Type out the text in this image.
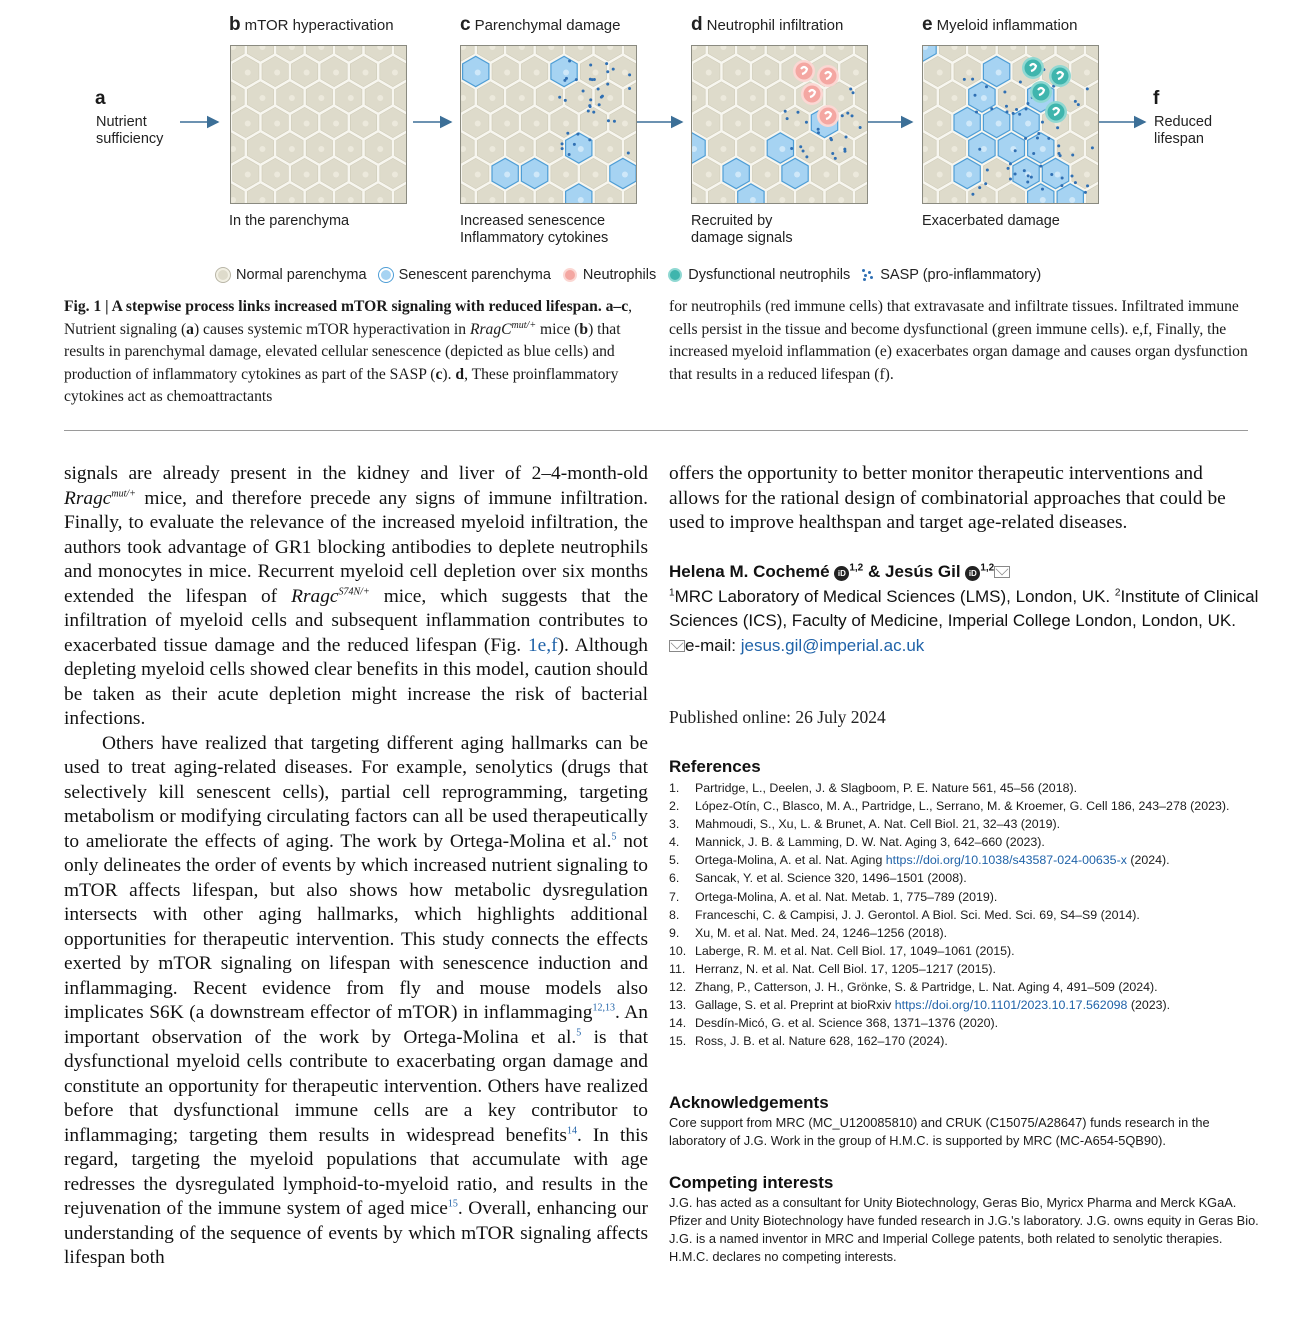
a
Nutrient
sufficiency
b mTOR hyperactivation	c Parenchymal damage	d Neutrophil infiltration	e Myeloid inflammation
f
Reduced
lifespan
In the parenchyma	Increased senescence
Inflammatory cytokines
Recruited by
damage signals
Exacerbated damage
Normal parenchyma Senescent parenchyma Neutrophils Dysfunctional neutrophils SASP (pro-inflammatory)
Fig. 1 | A stepwise process links increased mTOR signaling with reduced lifespan. a–c, Nutrient signaling (a) causes systemic mTOR hyperactivation in RragC$^{mut/+}$ mice (b) that results in parenchymal damage, elevated cellular senescence (depicted as blue cells) and production of inflammatory cytokines as part of the SASP (c). d, These proinflammatory cytokines act as chemoattractants
for neutrophils (red immune cells) that extravasate and infiltrate tissues. Infiltrated immune cells persist in the tissue and become dysfunctional (green immune cells). e,f, Finally, the increased myeloid inflammation (e) exacerbates organ damage and causes organ dysfunction that results in a reduced lifespan (f).

signals are already present in the kidney and liver of 2–4-month-old Rragc$^{mut/+}$ mice, and therefore precede any signs of immune infiltration. Finally, to evaluate the relevance of the increased myeloid infiltration, the authors took advantage of GR1 blocking antibodies to deplete neutrophils and monocytes in mice. Recurrent myeloid cell depletion over six months extended the lifespan of Rragc$^{S74N/+}$ mice, which suggests that the infiltration of myeloid cells and subsequent inflammation contributes to exacerbated tissue damage and the reduced lifespan (Fig. 1e,f). Although depleting myeloid cells showed clear benefits in this model, caution should be taken as their acute depletion might increase the risk of bacterial infections.

Others have realized that targeting different aging hallmarks can be used to treat aging-related diseases. For example, senolytics (drugs that selectively kill senescent cells), partial cell reprogramming, targeting metabolism or modifying circulating factors can all be used therapeutically to ameliorate the effects of aging. The work by Ortega-Molina et al.$^5$ not only delineates the order of events by which increased nutrient signaling to mTOR affects lifespan, but also shows how metabolic dysregulation intersects with other aging hallmarks, which highlights additional opportunities for therapeutic intervention. This study connects the effects exerted by mTOR signaling on lifespan with senescence induction and inflammaging. Recent evidence from fly and mouse models also implicates S6K (a downstream effector of mTOR) in inflammaging$^{12,13}$. An important observation of the work by Ortega-Molina et al.$^5$ is that dysfunctional myeloid cells contribute to exacerbating organ damage and constitute an opportunity for therapeutic intervention. Others have realized before that dysfunctional immune cells are a key contributor to inflammaging; targeting them results in widespread benefits$^{14}$. In this regard, targeting the myeloid populations that accumulate with age redresses the dysregulated lymphoid-to-myeloid ratio, and results in the rejuvenation of the immune system of aged mice$^{15}$. Overall, enhancing our understanding of the sequence of events by which mTOR signaling affects lifespan both

offers the opportunity to better monitor therapeutic interventions and allows for the rational design of combinatorial approaches that could be used to improve healthspan and target age-related diseases.

Helena M. Cochemé iD$^{1,2}$ & Jesús Gil iD$^{1,2}$
$^1$MRC Laboratory of Medical Sciences (LMS), London, UK. $^2$Institute of Clinical Sciences (ICS), Faculty of Medicine, Imperial College London, London, UK.
e-mail: jesus.gil@imperial.ac.uk
Published online: 26 July 2024
References
1.	Partridge, L., Deelen, J. & Slagboom, P. E. Nature 561, 45–56 (2018).
2.	López-Otín, C., Blasco, M. A., Partridge, L., Serrano, M. & Kroemer, G. Cell 186, 243–278 (2023).
3.	Mahmoudi, S., Xu, L. & Brunet, A. Nat. Cell Biol. 21, 32–43 (2019).
4.	Mannick, J. B. & Lamming, D. W. Nat. Aging 3, 642–660 (2023).
5.	Ortega-Molina, A. et al. Nat. Aging https://doi.org/10.1038/s43587-024-00635-x (2024).
6.	Sancak, Y. et al. Science 320, 1496–1501 (2008).
7.	Ortega-Molina, A. et al. Nat. Metab. 1, 775–789 (2019).
8.	Franceschi, C. & Campisi, J. J. Gerontol. A Biol. Sci. Med. Sci. 69, S4–S9 (2014).
9.	Xu, M. et al. Nat. Med. 24, 1246–1256 (2018).
10. Laberge, R. M. et al. Nat. Cell Biol. 17, 1049–1061 (2015).
11. Herranz, N. et al. Nat. Cell Biol. 17, 1205–1217 (2015).
12. Zhang, P., Catterson, J. H., Grönke, S. & Partridge, L. Nat. Aging 4, 491–509 (2024).
13. Gallage, S. et al. Preprint at bioRxiv https://doi.org/10.1101/2023.10.17.562098 (2023).
14. Desdín-Micó, G. et al. Science 368, 1371–1376 (2020).
15. Ross, J. B. et al. Nature 628, 162–170 (2024).
Acknowledgements
Core support from MRC (MC_U120085810) and CRUK (C15075/A28647) funds research in the laboratory of J.G. Work in the group of H.M.C. is supported by MRC (MC-A654-5QB90).
Competing interests
J.G. has acted as a consultant for Unity Biotechnology, Geras Bio, Myricx Pharma and Merck KGaA. Pfizer and Unity Biotechnology have funded research in J.G.'s laboratory. J.G. owns equity in Geras Bio. J.G. is a named inventor in MRC and Imperial College patents, both related to senolytic therapies. H.M.C. declares no competing interests.
